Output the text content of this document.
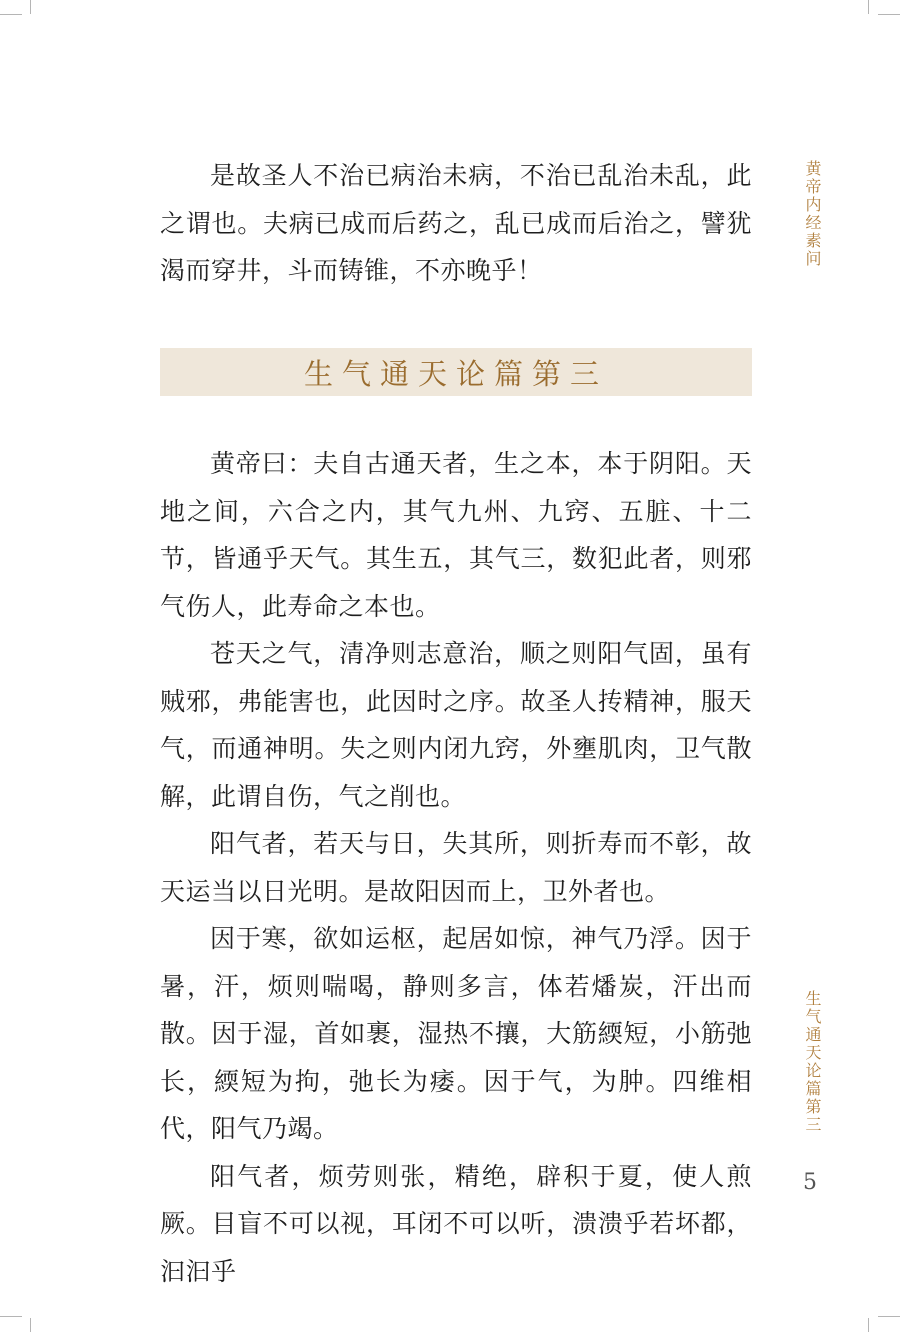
是故圣人不治已病治未病，不治已乱治未乱，此之谓也。夫病已成而后药之，乱已成而后治之，譬犹渴而穿井，斗而铸锥，不亦晚乎！

生气通天论篇第三

黄帝曰：夫自古通天者，生之本，本于阴阳。天地之间，六合之内，其气九州、九窍、五脏、十二节，皆通乎天气。其生五，其气三，数犯此者，则邪气伤人，此寿命之本也。

苍天之气，清净则志意治，顺之则阳气固，虽有贼邪，弗能害也，此因时之序。故圣人抟精神，服天气，而通神明。失之则内闭九窍，外壅肌肉，卫气散解，此谓自伤，气之削也。

阳气者，若天与日，失其所，则折寿而不彰，故天运当以日光明。是故阳因而上，卫外者也。

因于寒，欲如运枢，起居如惊，神气乃浮。因于暑，汗，烦则喘喝，静则多言，体若燔炭，汗出而散。因于湿，首如裹，湿热不攘，大筋緛短，小筋弛长，緛短为拘，弛长为痿。因于气，为肿。四维相代，阳气乃竭。

阳气者，烦劳则张，精绝，辟积于夏，使人煎厥。目盲不可以视，耳闭不可以听，溃溃乎若坏都，汩汩乎

黄帝内经素问
生气通天论篇第三
5
